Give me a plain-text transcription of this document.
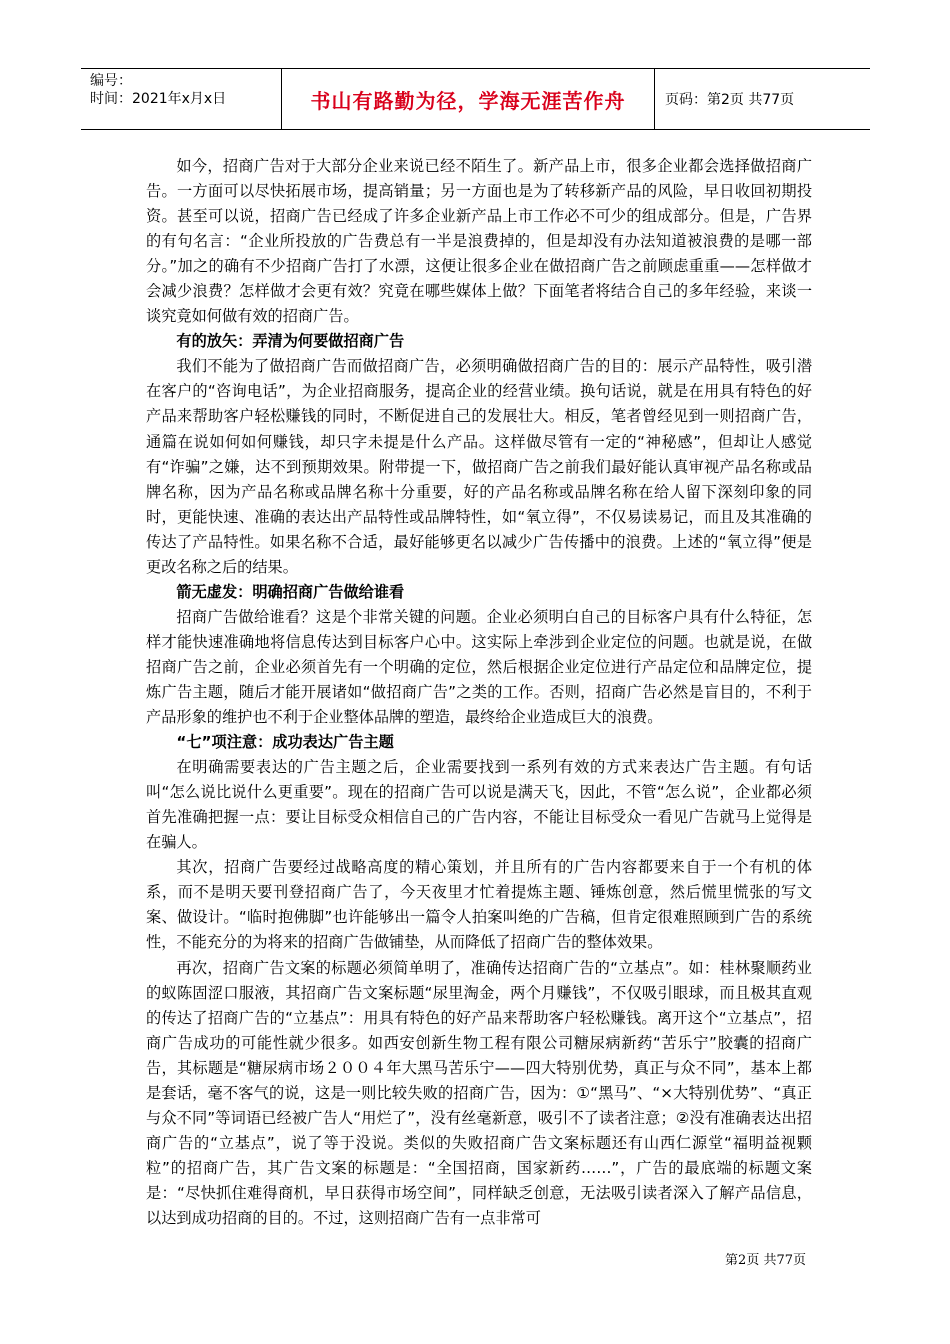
编号：
时间：2021年x月x日	书山有路勤为径，学海无涯苦作舟	页码：第2页 共77页

如今，招商广告对于大部分企业来说已经不陌生了。新产品上市，很多企业都会选择做招商广告。一方面可以尽快拓展市场，提高销量；另一方面也是为了转移新产品的风险，早日收回初期投资。甚至可以说，招商广告已经成了许多企业新产品上市工作必不可少的组成部分。但是，广告界的有句名言：“企业所投放的广告费总有一半是浪费掉的，但是却没有办法知道被浪费的是哪一部分。”加之的确有不少招商广告打了水漂，这便让很多企业在做招商广告之前顾虑重重——怎样做才会减少浪费？怎样做才会更有效？究竟在哪些媒体上做？下面笔者将结合自己的多年经验，来谈一谈究竟如何做有效的招商广告。

有的放矢：弄清为何要做招商广告

我们不能为了做招商广告而做招商广告，必须明确做招商广告的目的：展示产品特性，吸引潜在客户的“咨询电话”，为企业招商服务，提高企业的经营业绩。换句话说，就是在用具有特色的好产品来帮助客户轻松赚钱的同时，不断促进自己的发展壮大。相反，笔者曾经见到一则招商广告，通篇在说如何如何赚钱，却只字未提是什么产品。这样做尽管有一定的“神秘感”，但却让人感觉有“诈骗”之嫌，达不到预期效果。附带提一下，做招商广告之前我们最好能认真审视产品名称或品牌名称，因为产品名称或品牌名称十分重要，好的产品名称或品牌名称在给人留下深刻印象的同时，更能快速、准确的表达出产品特性或品牌特性，如“氧立得”，不仅易读易记，而且及其准确的传达了产品特性。如果名称不合适，最好能够更名以减少广告传播中的浪费。上述的“氧立得”便是更改名称之后的结果。

箭无虚发：明确招商广告做给谁看

招商广告做给谁看？这是个非常关键的问题。企业必须明白自己的目标客户具有什么特征，怎样才能快速准确地将信息传达到目标客户心中。这实际上牵涉到企业定位的问题。也就是说，在做招商广告之前，企业必须首先有一个明确的定位，然后根据企业定位进行产品定位和品牌定位，提炼广告主题，随后才能开展诸如“做招商广告”之类的工作。否则，招商广告必然是盲目的，不利于产品形象的维护也不利于企业整体品牌的塑造，最终给企业造成巨大的浪费。

“七”项注意：成功表达广告主题

在明确需要表达的广告主题之后，企业需要找到一系列有效的方式来表达广告主题。有句话叫“怎么说比说什么更重要”。现在的招商广告可以说是满天飞，因此，不管“怎么说”，企业都必须首先准确把握一点：要让目标受众相信自己的广告内容，不能让目标受众一看见广告就马上觉得是在骗人。

其次，招商广告要经过战略高度的精心策划，并且所有的广告内容都要来自于一个有机的体系，而不是明天要刊登招商广告了，今天夜里才忙着提炼主题、锤炼创意，然后慌里慌张的写文案、做设计。“临时抱佛脚”也许能够出一篇令人拍案叫绝的广告稿，但肯定很难照顾到广告的系统性，不能充分的为将来的招商广告做铺垫，从而降低了招商广告的整体效果。

再次，招商广告文案的标题必须简单明了，准确传达招商广告的“立基点”。如：桂林聚顺药业的蚁陈固涩口服液，其招商广告文案标题“尿里淘金，两个月赚钱”，不仅吸引眼球，而且极其直观的传达了招商广告的“立基点”：用具有特色的好产品来帮助客户轻松赚钱。离开这个“立基点”，招商广告成功的可能性就少很多。如西安创新生物工程有限公司糖尿病新药“苦乐宁”胶囊的招商广告，其标题是“糖尿病市场２００４年大黑马苦乐宁——四大特别优势，真正与众不同”，基本上都是套话，毫不客气的说，这是一则比较失败的招商广告，因为：①“黑马”、“×大特别优势”、“真正与众不同”等词语已经被广告人“用烂了”，没有丝毫新意，吸引不了读者注意；②没有准确表达出招商广告的“立基点”，说了等于没说。类似的失败招商广告文案标题还有山西仁源堂“福明益视颗粒”的招商广告，其广告文案的标题是：“全国招商，国家新药……”，广告的最底端的标题文案是：“尽快抓住难得商机，早日获得市场空间”，同样缺乏创意，无法吸引读者深入了解产品信息，以达到成功招商的目的。不过，这则招商广告有一点非常可

第2页 共77页
